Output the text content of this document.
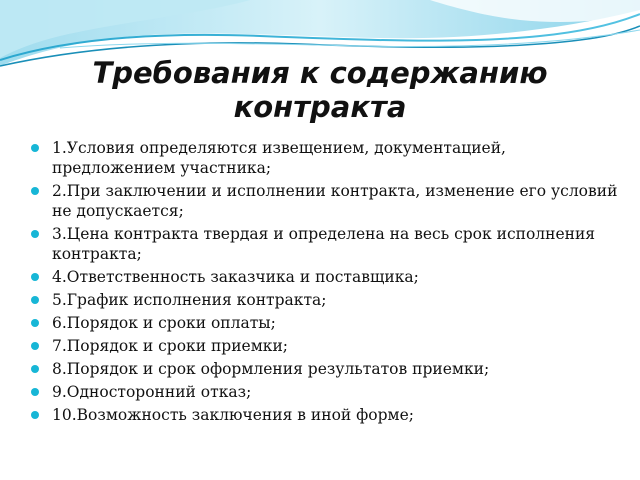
Требования к содержанию контракта
1.Условия определяются извещением, документацией, предложением участника;
2.При заключении и исполнении контракта, изменение его условий не допускается;
3.Цена контракта твердая и определена на весь срок исполнения контракта;
4.Ответственность заказчика и поставщика;
5.График исполнения контракта;
6.Порядок и сроки оплаты;
7.Порядок и сроки приемки;
8.Порядок и срок оформления результатов приемки;
9.Односторонний отказ;
10.Возможность заключения в иной форме;
